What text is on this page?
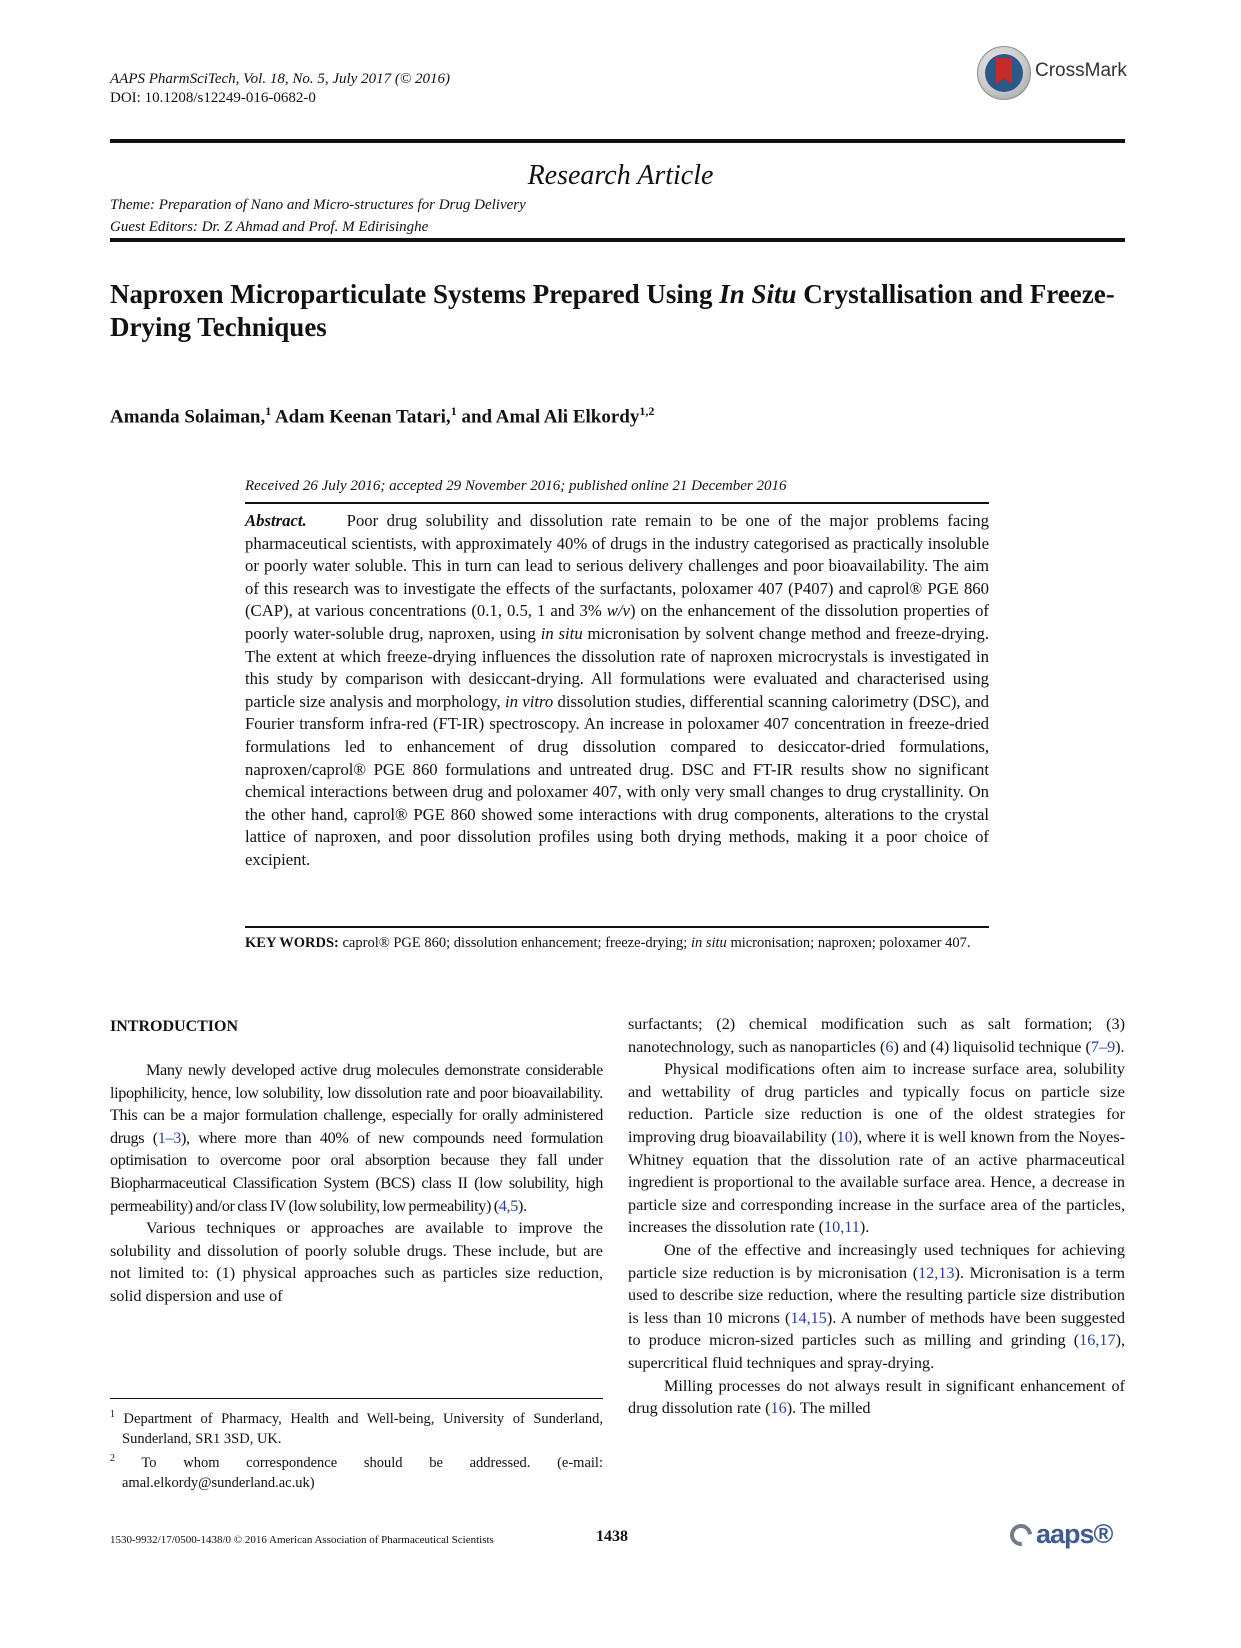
AAPS PharmSciTech, Vol. 18, No. 5, July 2017 (© 2016)
DOI: 10.1208/s12249-016-0682-0
CrossMark
Research Article
Theme: Preparation of Nano and Micro-structures for Drug Delivery
Guest Editors: Dr. Z Ahmad and Prof. M Edirisinghe
Naproxen Microparticulate Systems Prepared Using In Situ Crystallisation and Freeze-Drying Techniques
Amanda Solaiman,$^1$ Adam Keenan Tatari,$^1$ and Amal Ali Elkordy$^{1,2}$
Received 26 July 2016; accepted 29 November 2016; published online 21 December 2016
Abstract. Poor drug solubility and dissolution rate remain to be one of the major problems facing pharmaceutical scientists, with approximately 40% of drugs in the industry categorised as practically insoluble or poorly water soluble. This in turn can lead to serious delivery challenges and poor bioavailability. The aim of this research was to investigate the effects of the surfactants, poloxamer 407 (P407) and caprol® PGE 860 (CAP), at various concentrations (0.1, 0.5, 1 and 3% w/v) on the enhancement of the dissolution properties of poorly water-soluble drug, naproxen, using in situ micronisation by solvent change method and freeze-drying. The extent at which freeze-drying influences the dissolution rate of naproxen microcrystals is investigated in this study by comparison with desiccant-drying. All formulations were evaluated and characterised using particle size analysis and morphology, in vitro dissolution studies, differential scanning calorimetry (DSC), and Fourier transform infra-red (FT-IR) spectroscopy. An increase in poloxamer 407 concentration in freeze-dried formulations led to enhancement of drug dissolution compared to desiccator-dried formulations, naproxen/caprol® PGE 860 formulations and untreated drug. DSC and FT-IR results show no significant chemical interactions between drug and poloxamer 407, with only very small changes to drug crystallinity. On the other hand, caprol® PGE 860 showed some interactions with drug components, alterations to the crystal lattice of naproxen, and poor dissolution profiles using both drying methods, making it a poor choice of excipient.
KEY WORDS: caprol® PGE 860; dissolution enhancement; freeze-drying; in situ micronisation; naproxen; poloxamer 407.
INTRODUCTION

Many newly developed active drug molecules demonstrate considerable lipophilicity, hence, low solubility, low dissolution rate and poor bioavailability. This can be a major formulation challenge, especially for orally administered drugs (1–3), where more than 40% of new compounds need formulation optimisation to overcome poor oral absorption because they fall under Biopharmaceutical Classification System (BCS) class II (low solubility, high permeability) and/or class IV (low solubility, low permeability) (4,5).

Various techniques or approaches are available to improve the solubility and dissolution of poorly soluble drugs. These include, but are not limited to: (1) physical approaches such as particles size reduction, solid dispersion and use of

surfactants; (2) chemical modification such as salt formation; (3) nanotechnology, such as nanoparticles (6) and (4) liquisolid technique (7–9).

Physical modifications often aim to increase surface area, solubility and wettability of drug particles and typically focus on particle size reduction. Particle size reduction is one of the oldest strategies for improving drug bioavailability (10), where it is well known from the Noyes-Whitney equation that the dissolution rate of an active pharmaceutical ingredient is proportional to the available surface area. Hence, a decrease in particle size and corresponding increase in the surface area of the particles, increases the dissolution rate (10,11).

One of the effective and increasingly used techniques for achieving particle size reduction is by micronisation (12,13). Micronisation is a term used to describe size reduction, where the resulting particle size distribution is less than 10 microns (14,15). A number of methods have been suggested to produce micron-sized particles such as milling and grinding (16,17), supercritical fluid techniques and spray-drying.

Milling processes do not always result in significant enhancement of drug dissolution rate (16). The milled

$^1$ Department of Pharmacy, Health and Well-being, University of Sunderland, Sunderland, SR1 3SD, UK.

$^2$ To whom correspondence should be addressed. (e-mail: amal.elkordy@sunderland.ac.uk)

1530-9932/17/0500-1438/0 © 2016 American Association of Pharmaceutical Scientists	1438	aaps®
